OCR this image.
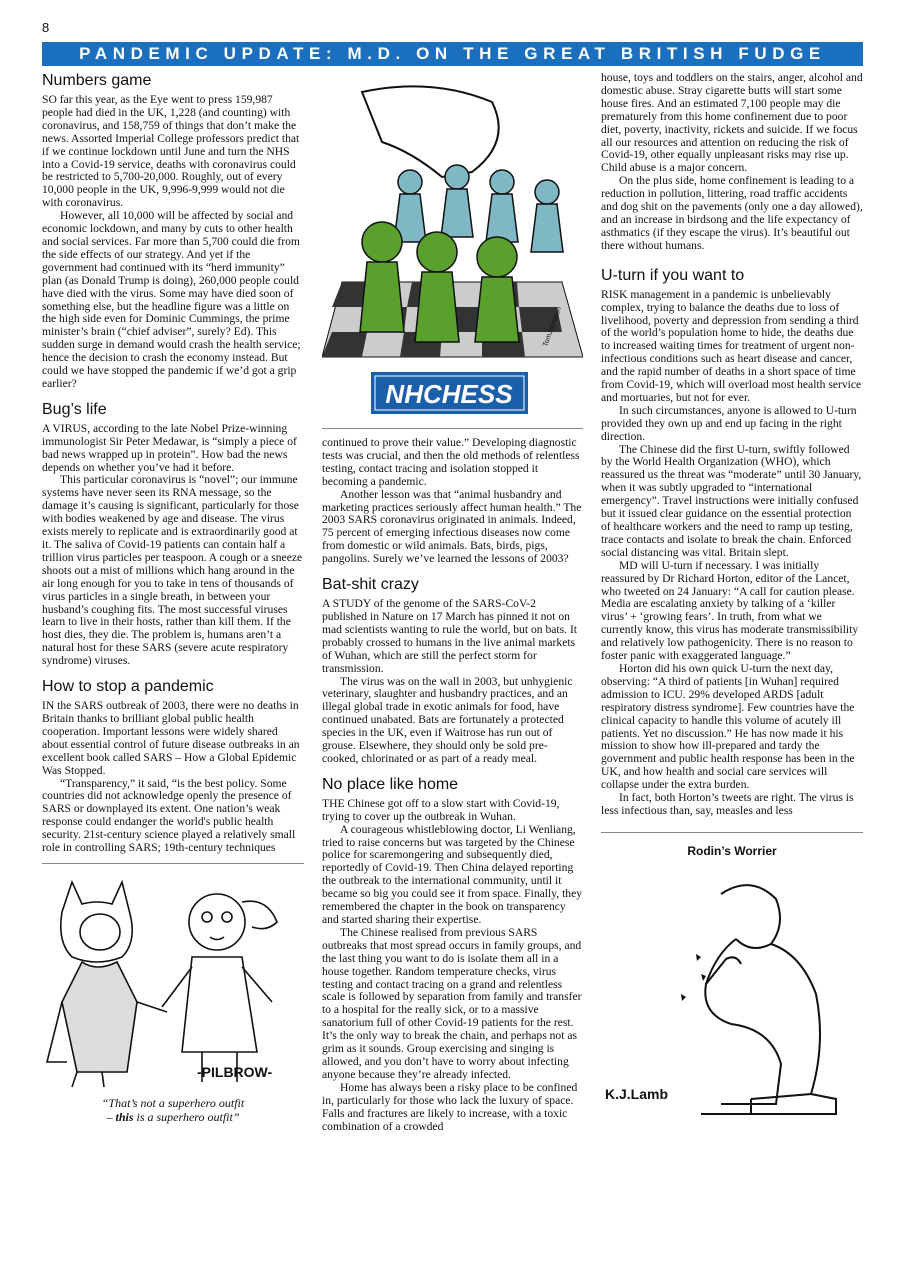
8
PANDEMIC UPDATE: M.D. ON THE GREAT BRITISH FUDGE
Numbers game

SO far this year, as the Eye went to press 159,987 people had died in the UK, 1,228 (and counting) with coronavirus, and 158,759 of things that don’t make the news. Assorted Imperial College professors predict that if we continue lockdown until June and turn the NHS into a Covid-19 service, deaths with coronavirus could be restricted to 5,700-20,000. Roughly, out of every 10,000 people in the UK, 9,996-9,999 would not die with coronavirus.

However, all 10,000 will be affected by social and economic lockdown, and many by cuts to other health and social services. Far more than 5,700 could die from the side effects of our strategy. And yet if the government had continued with its “herd immunity” plan (as Donald Trump is doing), 260,000 people could have died with the virus. Some may have died soon of something else, but the headline figure was a little on the high side even for Dominic Cummings, the prime minister’s brain (“chief adviser”, surely? Ed). This sudden surge in demand would crash the health service; hence the decision to crash the economy instead. But could we have stopped the pandemic if we’d got a grip earlier?

Bug’s life

A VIRUS, according to the late Nobel Prize-winning immunologist Sir Peter Medawar, is “simply a piece of bad news wrapped up in protein”. How bad the news depends on whether you’ve had it before.

This particular coronavirus is “novel”; our immune systems have never seen its RNA message, so the damage it’s causing is significant, particularly for those with bodies weakened by age and disease. The virus exists merely to replicate and is extraordinarily good at it. The saliva of Covid-19 patients can contain half a trillion virus particles per teaspoon. A cough or a sneeze shoots out a mist of millions which hang around in the air long enough for you to take in tens of thousands of virus particles in a single breath, in between your husband’s coughing fits. The most successful viruses learn to live in their hosts, rather than kill them. If the host dies, they die. The problem is, humans aren’t a natural host for these SARS (severe acute respiratory syndrome) viruses.

How to stop a pandemic

IN the SARS outbreak of 2003, there were no deaths in Britain thanks to brilliant global public health cooperation. Important lessons were widely shared about essential control of future disease outbreaks in an excellent book called SARS – How a Global Epidemic Was Stopped.

“Transparency,” it said, “is the best policy. Some countries did not acknowledge openly the presence of SARS or downplayed its extent. One nation’s weak response could endanger the world's public health security. 21st-century science played a relatively small role in controlling SARS; 19th-century techniques

-PILBROW-
“That’s not a superhero outfit
– this is a superhero outfit”
TomJohnston
NHCHESS

continued to prove their value.” Developing diagnostic tests was crucial, and then the old methods of relentless testing, contact tracing and isolation stopped it becoming a pandemic.

Another lesson was that “animal husbandry and marketing practices seriously affect human health.” The 2003 SARS coronavirus originated in animals. Indeed, 75 percent of emerging infectious diseases now come from domestic or wild animals. Bats, birds, pigs, pangolins. Surely we’ve learned the lessons of 2003?

Bat-shit crazy

A STUDY of the genome of the SARS-CoV-2 published in Nature on 17 March has pinned it not on mad scientists wanting to rule the world, but on bats. It probably crossed to humans in the live animal markets of Wuhan, which are still the perfect storm for transmission.

The virus was on the wall in 2003, but unhygienic veterinary, slaughter and husbandry practices, and an illegal global trade in exotic animals for food, have continued unabated. Bats are fortunately a protected species in the UK, even if Waitrose has run out of grouse. Elsewhere, they should only be sold pre-cooked, chlorinated or as part of a ready meal.

No place like home

THE Chinese got off to a slow start with Covid-19, trying to cover up the outbreak in Wuhan.

A courageous whistleblowing doctor, Li Wenliang, tried to raise concerns but was targeted by the Chinese police for scaremongering and subsequently died, reportedly of Covid-19. Then China delayed reporting the outbreak to the international community, until it became so big you could see it from space. Finally, they remembered the chapter in the book on transparency and started sharing their expertise.

The Chinese realised from previous SARS outbreaks that most spread occurs in family groups, and the last thing you want to do is isolate them all in a house together. Random temperature checks, virus testing and contact tracing on a grand and relentless scale is followed by separation from family and transfer to a hospital for the really sick, or to a massive sanatorium full of other Covid-19 patients for the rest. It’s the only way to break the chain, and perhaps not as grim as it sounds. Group exercising and singing is allowed, and you don’t have to worry about infecting anyone because they’re already infected.

Home has always been a risky place to be confined in, particularly for those who lack the luxury of space. Falls and fractures are likely to increase, with a toxic combination of a crowded

house, toys and toddlers on the stairs, anger, alcohol and domestic abuse. Stray cigarette butts will start some house fires. And an estimated 7,100 people may die prematurely from this home confinement due to poor diet, poverty, inactivity, rickets and suicide. If we focus all our resources and attention on reducing the risk of Covid-19, other equally unpleasant risks may rise up. Child abuse is a major concern.

On the plus side, home confinement is leading to a reduction in pollution, littering, road traffic accidents and dog shit on the pavements (only one a day allowed), and an increase in birdsong and the life expectancy of asthmatics (if they escape the virus). It’s beautiful out there without humans.

U-turn if you want to

RISK management in a pandemic is unbelievably complex, trying to balance the deaths due to loss of livelihood, poverty and depression from sending a third of the world’s population home to hide, the deaths due to increased waiting times for treatment of urgent non-infectious conditions such as heart disease and cancer, and the rapid number of deaths in a short space of time from Covid-19, which will overload most health service and mortuaries, but not for ever.

In such circumstances, anyone is allowed to U-turn provided they own up and end up facing in the right direction.

The Chinese did the first U-turn, swiftly followed by the World Health Organization (WHO), which reassured us the threat was “moderate” until 30 January, when it was subtly upgraded to “international emergency”. Travel instructions were initially confused but it issued clear guidance on the essential protection of healthcare workers and the need to ramp up testing, trace contacts and isolate to break the chain. Enforced social distancing was vital. Britain slept.

MD will U-turn if necessary. I was initially reassured by Dr Richard Horton, editor of the Lancet, who tweeted on 24 January: “A call for caution please. Media are escalating anxiety by talking of a ‘killer virus’ + ‘growing fears’. In truth, from what we currently know, this virus has moderate transmissibility and relatively low pathogenicity. There is no reason to foster panic with exaggerated language.”

Horton did his own quick U-turn the next day, observing: “A third of patients [in Wuhan] required admission to ICU. 29% developed ARDS [adult respiratory distress syndrome]. Few countries have the clinical capacity to handle this volume of acutely ill patients. Yet no discussion.” He has now made it his mission to show how ill-prepared and tardy the government and public health response has been in the UK, and how health and social care services will collapse under the extra burden.

In fact, both Horton’s tweets are right. The virus is less infectious than, say, measles and less

Rodin’s Worrier
K.J.Lamb
